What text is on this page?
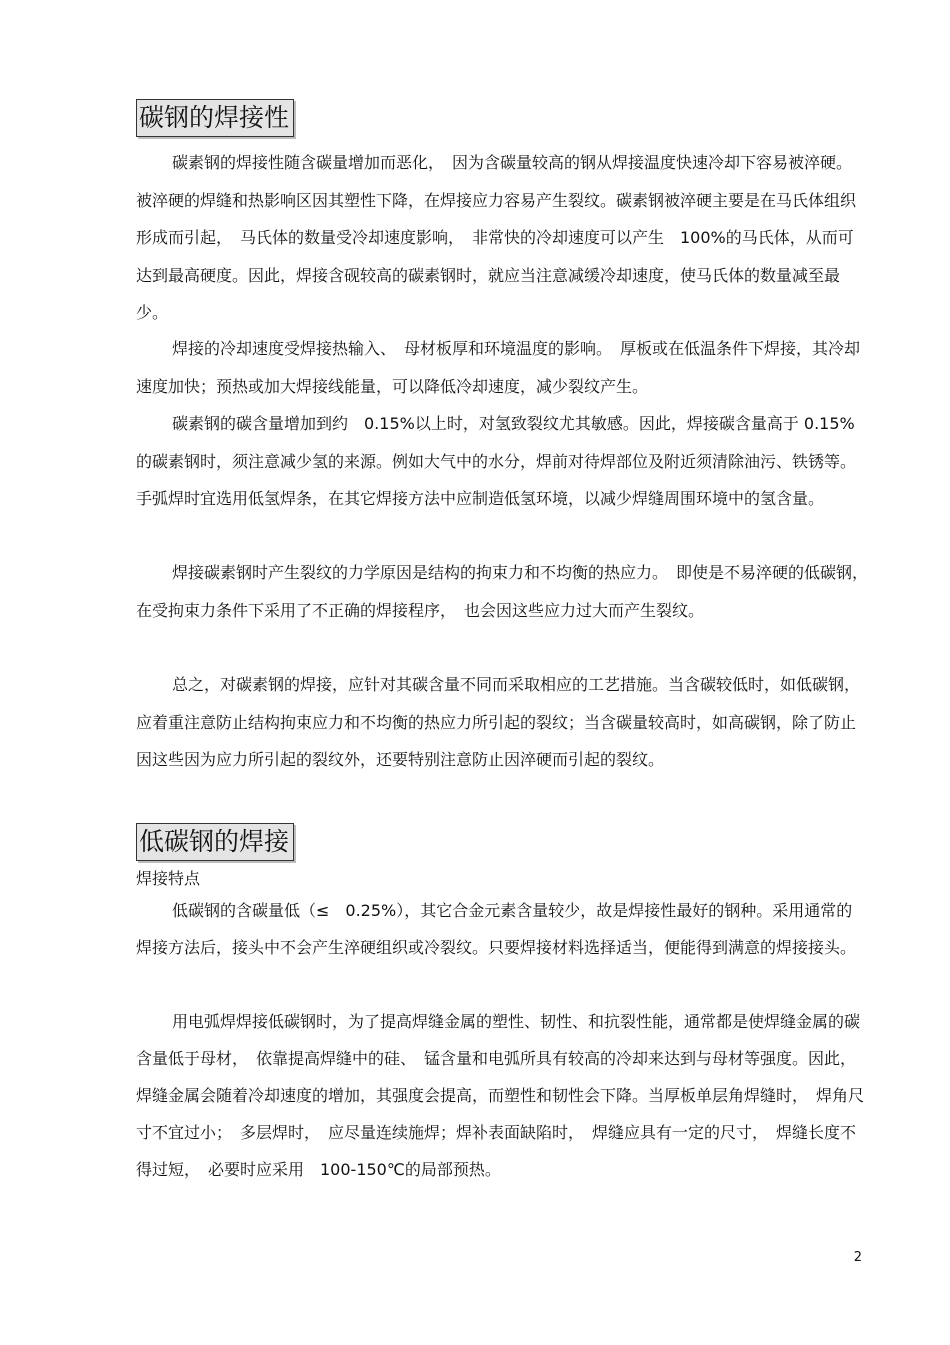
碳钢的焊接性

碳素钢的焊接性随含碳量增加而恶化，　因为含碳量较高的钢从焊接温度快速冷却下容易被淬硬。被淬硬的焊缝和热影响区因其塑性下降，在焊接应力容易产生裂纹。碳素钢被淬硬主要是在马氏体组织形成而引起，　马氏体的数量受冷却速度影响，　非常快的冷却速度可以产生　100%的马氏体，从而可达到最高硬度。因此，焊接含砚较高的碳素钢时，就应当注意减缓冷却速度，使马氏体的数量减至最少。

焊接的冷却速度受焊接热输入、　母材板厚和环境温度的影响。　厚板或在低温条件下焊接，其冷却速度加快；预热或加大焊接线能量，可以降低冷却速度，减少裂纹产生。

碳素钢的碳含量增加到约　0.15%以上时，对氢致裂纹尤其敏感。因此，焊接碳含量高于 0.15%的碳素钢时，须注意减少氢的来源。例如大气中的水分，焊前对待焊部位及附近须清除油污、铁锈等。　手弧焊时宜选用低氢焊条，在其它焊接方法中应制造低氢环境，以减少焊缝周围环境中的氢含量。

焊接碳素钢时产生裂纹的力学原因是结构的拘束力和不均衡的热应力。　即使是不易淬硬的低碳钢，　在受拘束力条件下采用了不正确的焊接程序，　也会因这些应力过大而产生裂纹。

总之，对碳素钢的焊接，应针对其碳含量不同而采取相应的工艺措施。当含碳较低时，如低碳钢，应着重注意防止结构拘束应力和不均衡的热应力所引起的裂纹；当含碳量较高时，如高碳钢，除了防止因这些因为应力所引起的裂纹外，还要特别注意防止因淬硬而引起的裂纹。

低碳钢的焊接
焊接特点

低碳钢的含碳量低（≤　0.25%），其它合金元素含量较少，故是焊接性最好的钢种。采用通常的焊接方法后，接头中不会产生淬硬组织或冷裂纹。只要焊接材料选择适当，便能得到满意的焊接接头。

用电弧焊焊接低碳钢时，为了提高焊缝金属的塑性、韧性、和抗裂性能，通常都是使焊缝金属的碳含量低于母材，　依靠提高焊缝中的硅、　锰含量和电弧所具有较高的冷却来达到与母材等强度。因此，焊缝金属会随着冷却速度的增加，其强度会提高，而塑性和韧性会下降。当厚板单层角焊缝时，　焊角尺寸不宜过小；　多层焊时，　应尽量连续施焊；焊补表面缺陷时，　焊缝应具有一定的尺寸，　焊缝长度不得过短，　必要时应采用　100-150℃的局部预热。

2
